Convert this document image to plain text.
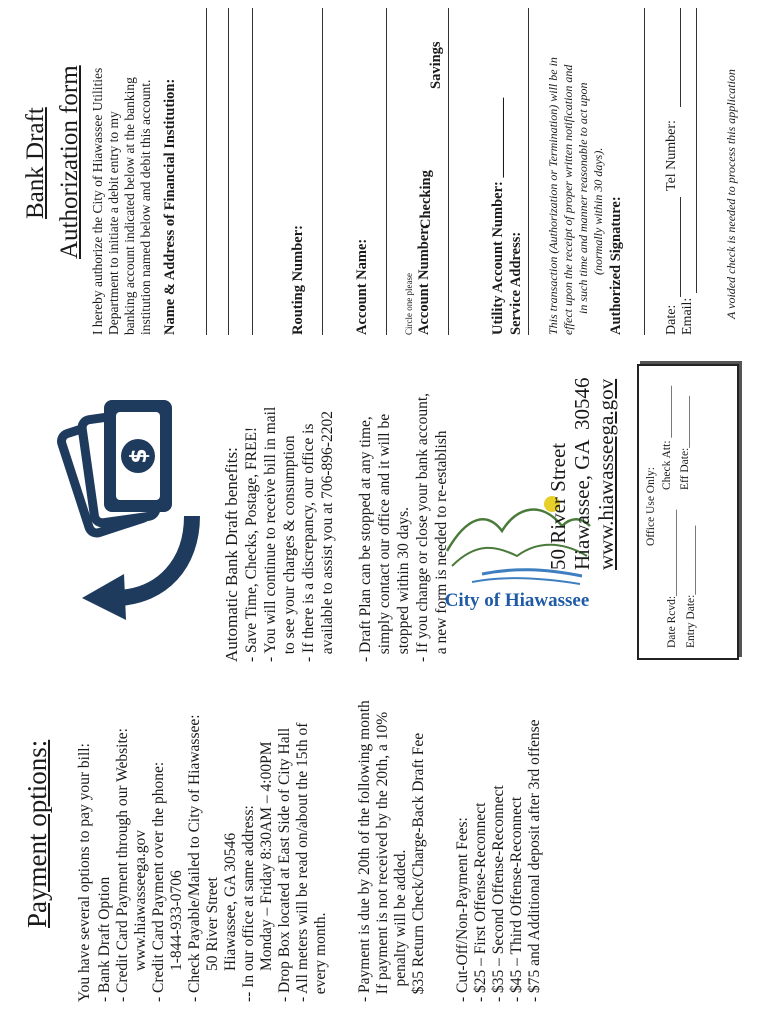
Payment options: You have several options to pay your bill: - Bank Draft Option - Credit Card Payment through our Website: www.hiawasseega.gov - Credit Card Payment over the phone: 1-844-933-0706 - Check Payable/Mailed to City of Hiawassee: 50 River Street Hiawassee, GA 30546 -- In our office at same address: Monday – Friday 8:30AM – 4:00PM - Drop Box located at East Side of City Hall - All meters will be read on/about the 15th of every month. - Payment is due by 20th of the following month If payment is not received by the 20th, a 10% penalty will be added. $35 Return Check/Charge-Back Draft Fee - Cut-Off/Non-Payment Fees: - $25 – First Offense-Reconnect - $35 – Second Offense-Reconnect - $45 – Third Offense-Reconnect - $75 and Additional deposit after 3rd offense
$	Automatic Bank Draft benefits: - Save Time, Checks, Postage, FREE! - You will continue to receive bill in mail to see your charges & consumption - If there is a discrepancy, our office is available to assist you at 706-896-2202 - Draft Plan can be stopped at any time, simply contact our office and it will be stopped within 30 days. - If you change or close your bank account, a new form is needed to re-establish
City of Hiawassee
50 River Street Hiawassee, GA  30546 www.hiawasseega.gov Office Use Only:
Date Rcvd:_______________
Check Att: _________
Entry Date:____________
Eff Date:_________
Bank Draft Authorization form I hereby authorize the City of Hiawassee Utilities Department to initiate a debit entry to my banking account indicated below at the banking institution named below and debit this account. Name & Address of Financial Institution:	Routing Number:	Account Name:	Circle one please Account Number:
Checking
Savings
Utility Account Number: ___________ Service Address: This transaction (Authorization or Termination) will be in effect upon the receipt of proper written notification and in such time and manner reasonable to act upon (normally within 30 days). Authorized Signature:	Date:
Tel Number:
Email: A voided check is needed to process this application
